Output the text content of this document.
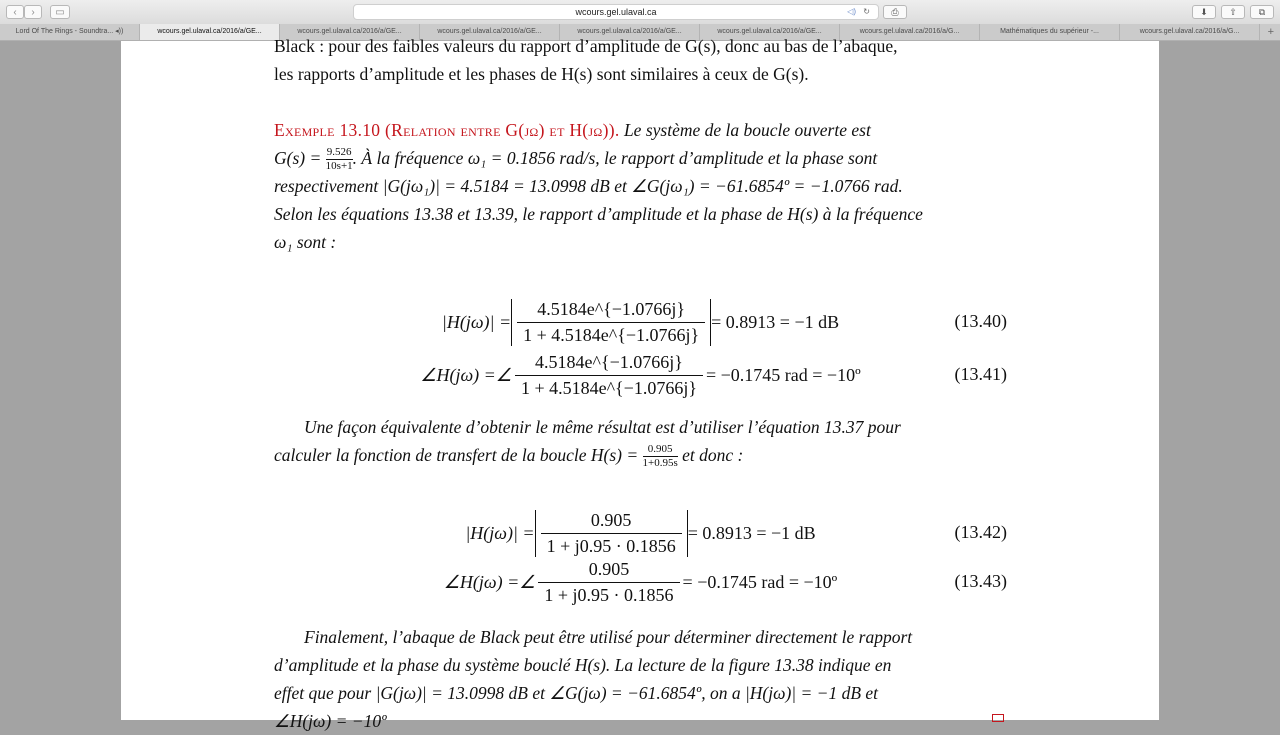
‹	›	▭	wcours.gel.ulaval.ca	◁) ↻	⎙	⬇	⇧	⧉
Lord Of The Rings - Soundtra... ◂))	wcours.gel.ulaval.ca/2016/a/GE...	wcours.gel.ulaval.ca/2016/a/GE...	wcours.gel.ulaval.ca/2016/a/GE...	wcours.gel.ulaval.ca/2016/a/GE...	wcours.gel.ulaval.ca/2016/a/GE...	wcours.gel.ulaval.ca/2016/a/G...	Mathématiques du supérieur -...	wcours.gel.ulaval.ca/2016/a/G...	+
Black : pour des faibles valeurs du rapport d’amplitude de G(s), donc au bas de l’abaque,
les rapports d’amplitude et les phases de H(s) sont similaires à ceux de G(s).
Exemple 13.10 (Relation entre G(jω) et H(jω)). Le système de la boucle ouverte est
$G(s) = \frac{9.526}{10s+1}$ . À la fréquence ω₁ = 0.1856 rad/s, le rapport d’amplitude et la phase sont
respectivement |G(jω₁)| = 4.5184 = 13.0998 dB et ∠G(jω₁) = −61.6854º = −1.0766 rad.
Selon les équations 13.38 et 13.39, le rapport d’amplitude et la phase de H(s) à la fréquence
ω₁ sont :
$|H(j\omega)| = \frac{4.5184e\^{}\{-1.0766j\}}{1 + 4.5184e\^{}\{-1.0766j\}} = 0.8913 = -1$ dB	(13.40)
∠H(jω) =∠ $\frac{4.5184e\^{}\{-1.0766j\}}{1 + 4.5184e\^{}\{-1.0766j\}} = -0.1745$ rad = −10º	(13.41)
Une façon équivalente d’obtenir le même résultat est d’utiliser l’équation 13.37 pour
calculer la fonction de transfert de la boucle $H(s) = \frac{0.905}{1+0.95s}$ et donc :
$|H(j\omega)| = \frac{0.905}{1 + j0.95 \cdot 0.1856} = 0.8913 = -1$ dB	(13.42)
∠H(jω) =∠ $\frac{0.905}{1 + j0.95 \cdot 0.1856} = -0.1745$ rad = −10º	(13.43)
Finalement, l’abaque de Black peut être utilisé pour déterminer directement le rapport
d’amplitude et la phase du système bouclé H(s). La lecture de la figure 13.38 indique en
effet que pour |G(jω)| = 13.0998 dB et ∠G(jω) = −61.6854º, on a |H(jω)| = −1 dB et
∠H(jω) = −10º
